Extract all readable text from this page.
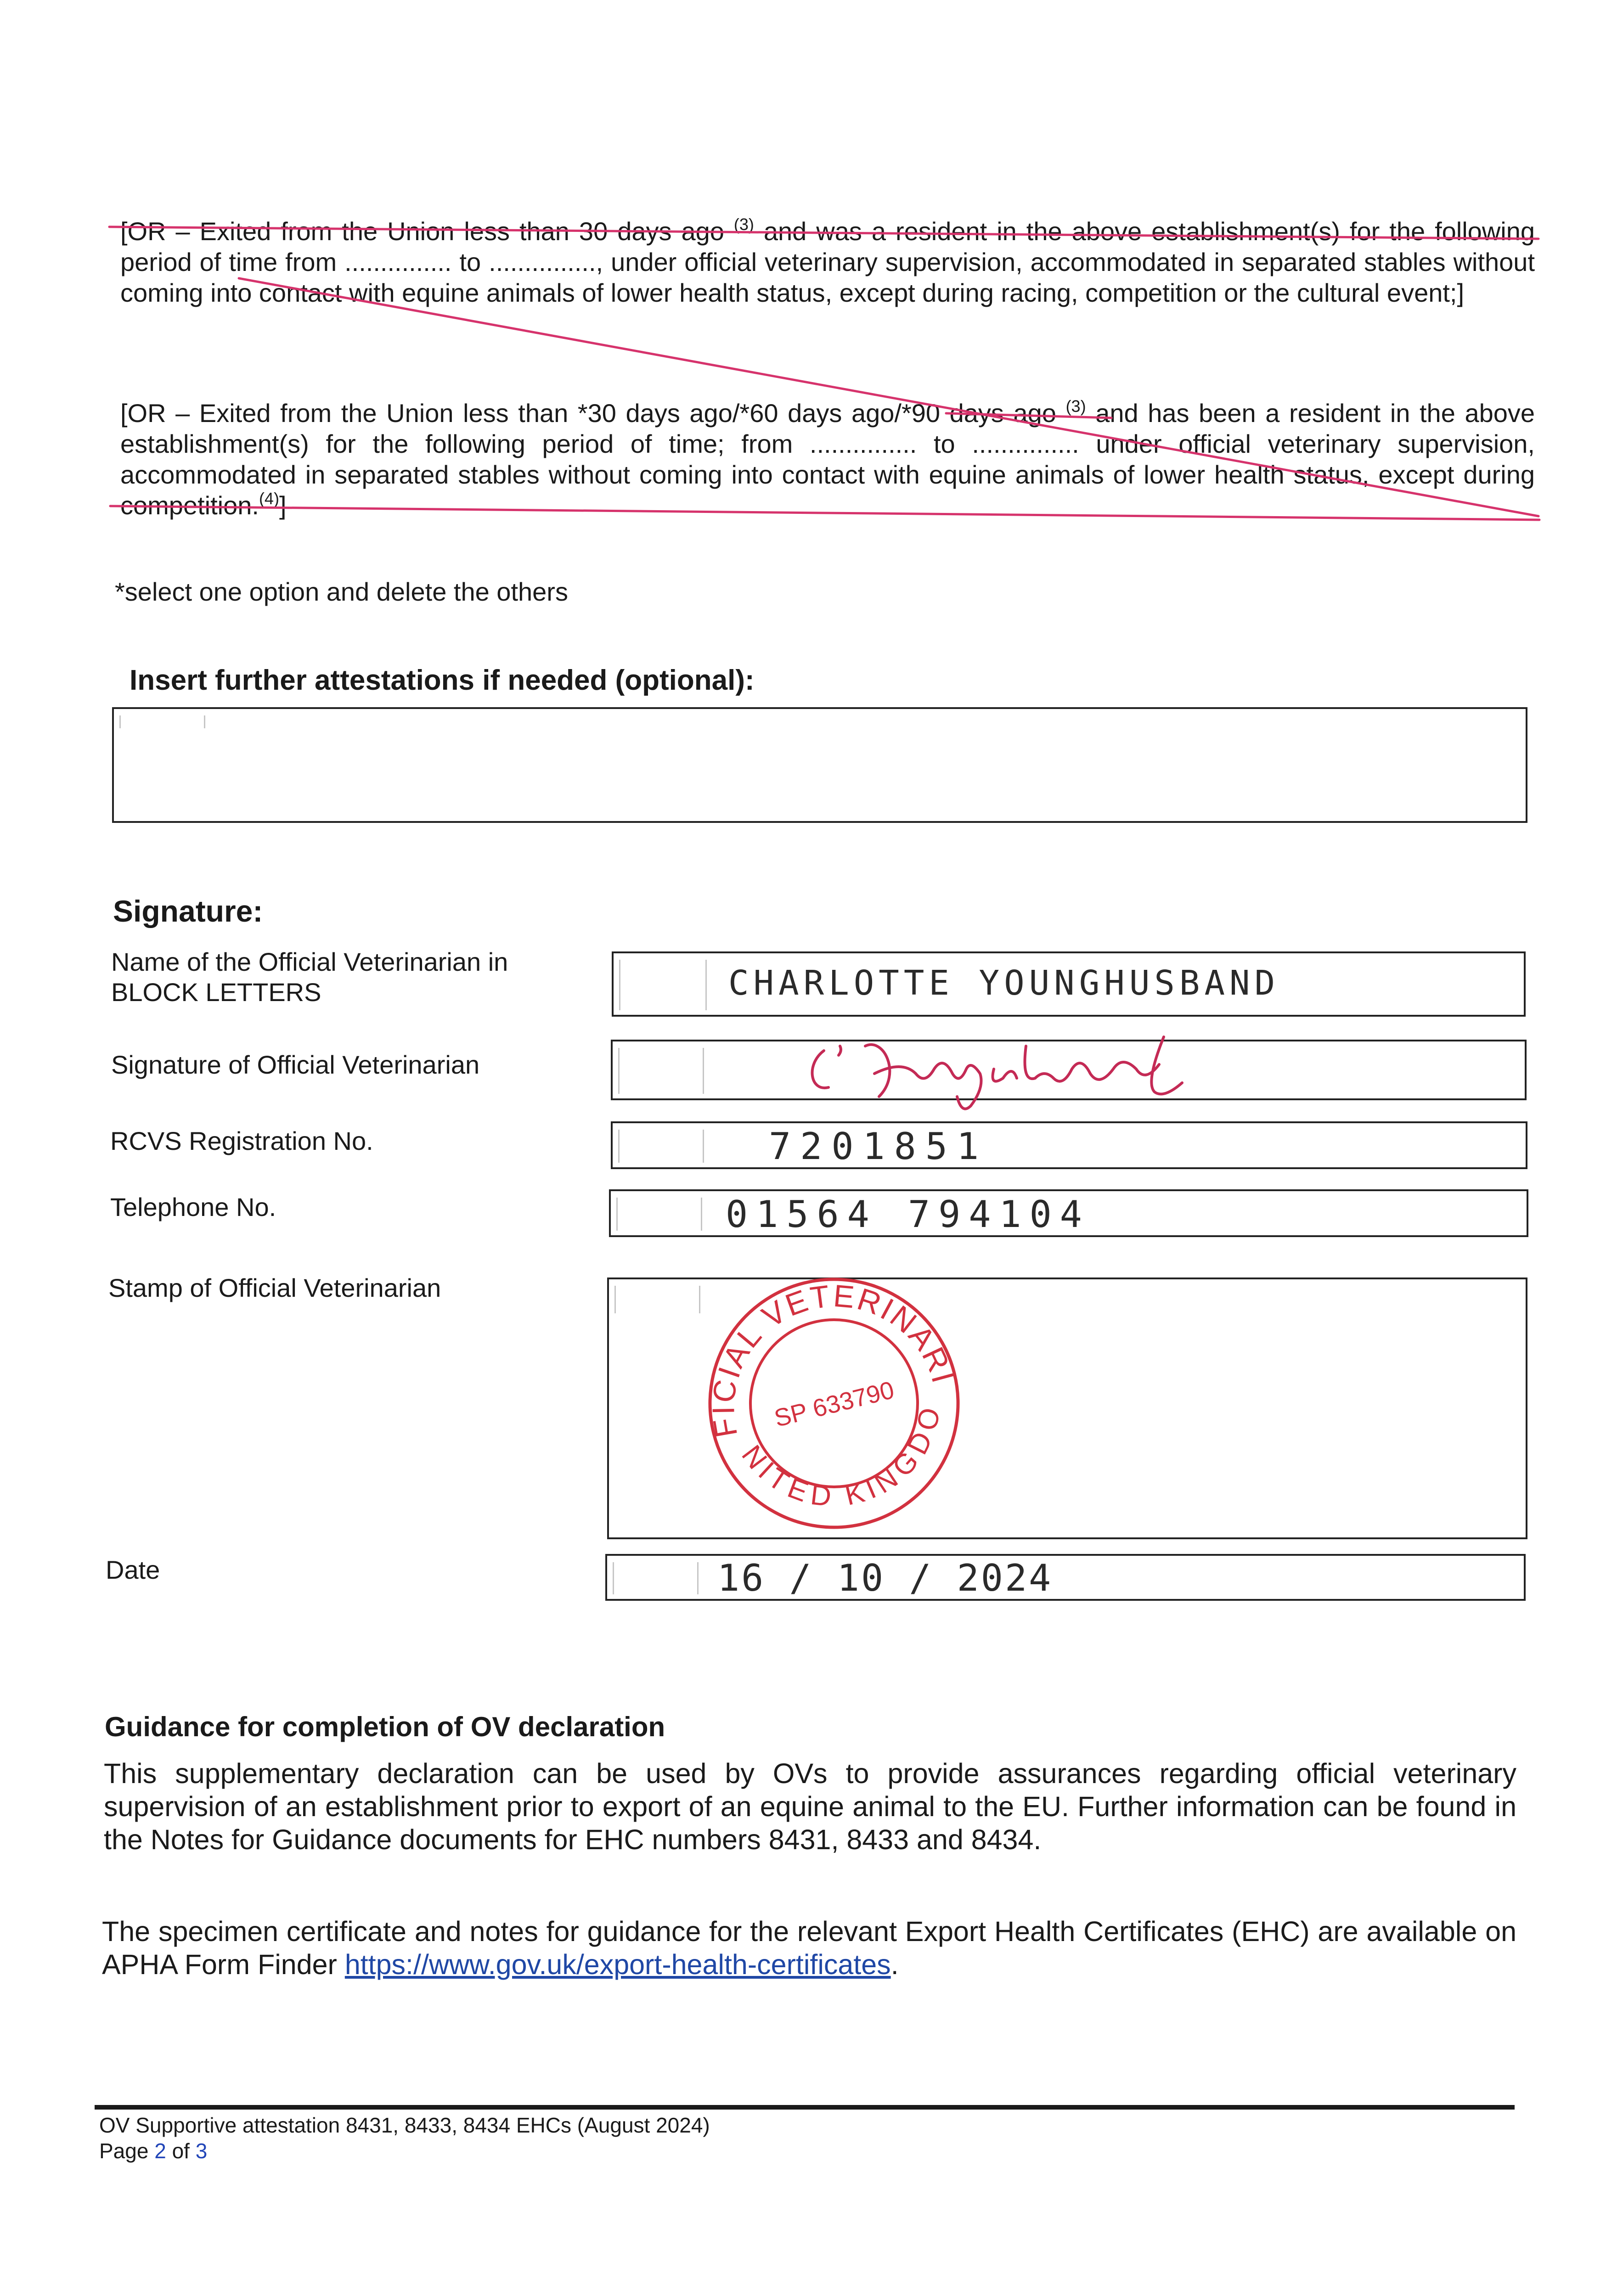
[OR – Exited from the Union less than 30 days ago $^{(3)}$ and was a resident in the above establishment(s) for the following period of time from ............... to ..............., under official veterinary supervision, accommodated in separated stables without coming into contact with equine animals of lower health status, except during racing, competition or the cultural event;]
[OR – Exited from the Union less than *30 days ago/*60 days ago/*90 days ago $^{(3)}$ and has been a resident in the above establishment(s) for the following period of time; from ............... to ............... under official veterinary supervision, accommodated in separated stables without coming into contact with equine animals of lower health status, except during competition.$^{(4)}$]
*select one option and delete the others
Insert further attestations if needed (optional):
Signature:
Name of the Official Veterinarian in
BLOCK LETTERS	CHARLOTTE YOUNGHUSBAND
Signature of Official Veterinarian
RCVS Registration No.	7201851
Telephone No.	01564 794104
Stamp of Official Veterinarian	OFFICIAL VETERINARIAN
UNITED KINGDOM
SP 633790
Date	16 / 10 / 2024
Guidance for completion of OV declaration
This supplementary declaration can be used by OVs to provide assurances regarding official veterinary supervision of an establishment prior to export of an equine animal to the EU. Further information can be found in the Notes for Guidance documents for EHC numbers 8431, 8433 and 8434.
The specimen certificate and notes for guidance for the relevant Export Health Certificates (EHC) are available on APHA Form Finder https://www.gov.uk/export-health-certificates.
OV Supportive attestation 8431, 8433, 8434 EHCs (August 2024)
Page 2 of 3
